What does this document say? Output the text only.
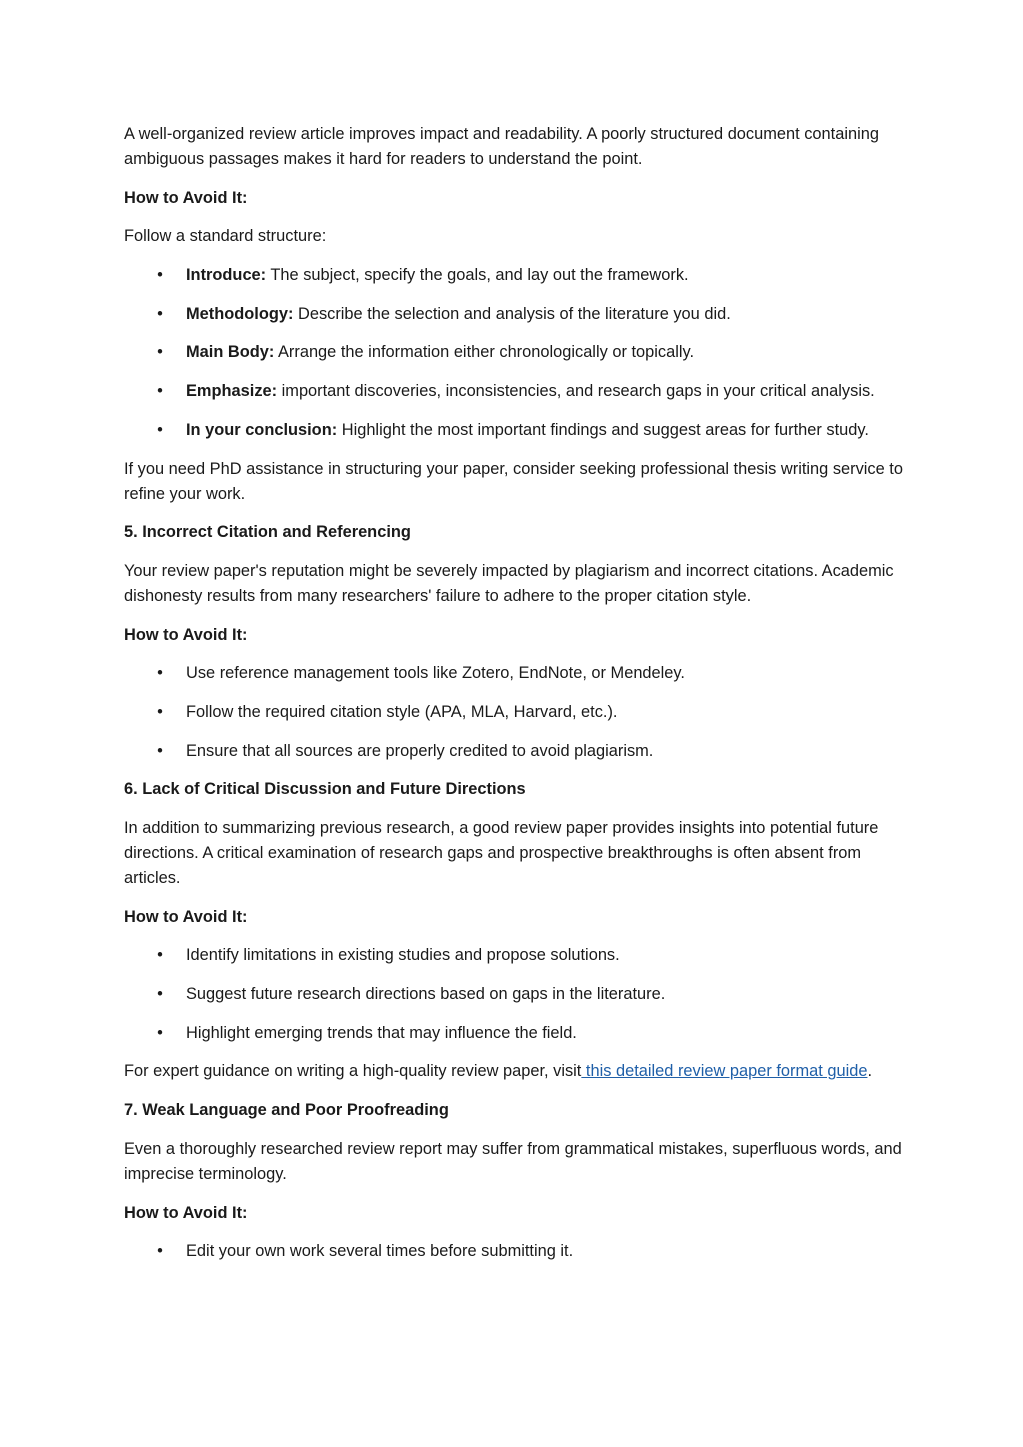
A well-organized review article improves impact and readability. A poorly structured document containing ambiguous passages makes it hard for readers to understand the point.

How to Avoid It:

Follow a standard structure:

• Introduce: The subject, specify the goals, and lay out the framework.
• Methodology: Describe the selection and analysis of the literature you did.
• Main Body: Arrange the information either chronologically or topically.
• Emphasize: important discoveries, inconsistencies, and research gaps in your critical analysis.
• In your conclusion: Highlight the most important findings and suggest areas for further study.

If you need PhD assistance in structuring your paper, consider seeking professional thesis writing service to refine your work.

5. Incorrect Citation and Referencing

Your review paper's reputation might be severely impacted by plagiarism and incorrect citations. Academic dishonesty results from many researchers' failure to adhere to the proper citation style.

How to Avoid It:

• Use reference management tools like Zotero, EndNote, or Mendeley.
• Follow the required citation style (APA, MLA, Harvard, etc.).
• Ensure that all sources are properly credited to avoid plagiarism.

6. Lack of Critical Discussion and Future Directions

In addition to summarizing previous research, a good review paper provides insights into potential future directions. A critical examination of research gaps and prospective breakthroughs is often absent from articles.

How to Avoid It:

• Identify limitations in existing studies and propose solutions.
• Suggest future research directions based on gaps in the literature.
• Highlight emerging trends that may influence the field.

For expert guidance on writing a high-quality review paper, visit this detailed review paper format guide.

7. Weak Language and Poor Proofreading

Even a thoroughly researched review report may suffer from grammatical mistakes, superfluous words, and imprecise terminology.

How to Avoid It:

• Edit your own work several times before submitting it.
